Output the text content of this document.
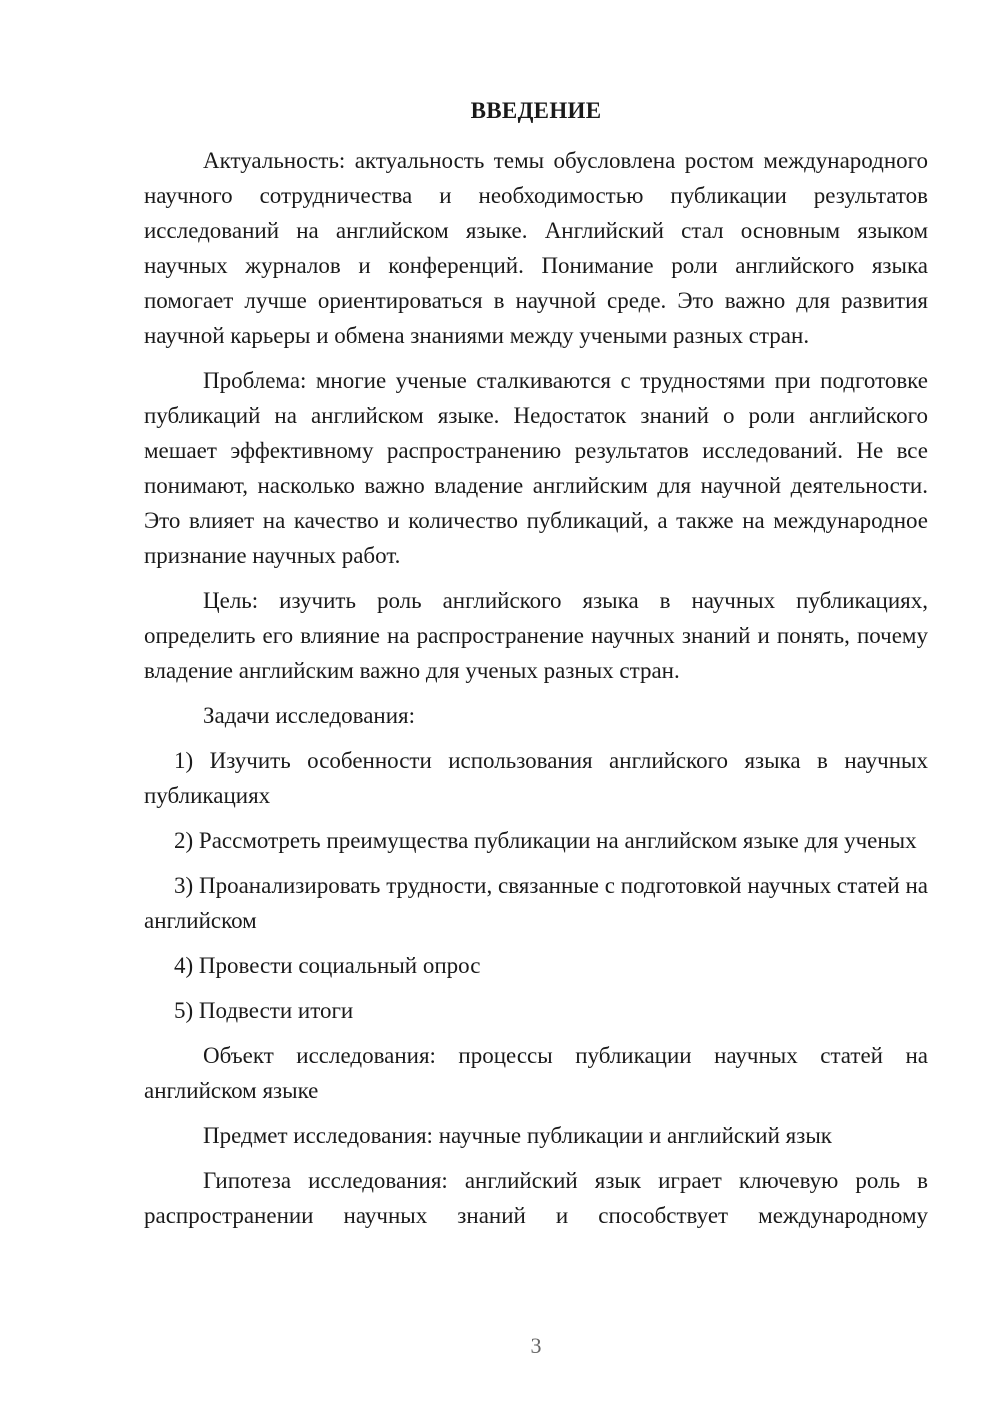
ВВЕДЕНИЕ

Актуальность: актуальность темы обусловлена ростом международного научного сотрудничества и необходимостью публикации результатов исследований на английском языке. Английский стал основным языком научных журналов и конференций. Понимание роли английского языка помогает лучше ориентироваться в научной среде. Это важно для развития научной карьеры и обмена знаниями между учеными разных стран.

Проблема: многие ученые сталкиваются с трудностями при подготовке публикаций на английском языке. Недостаток знаний о роли английского мешает эффективному распространению результатов исследований. Не все понимают, насколько важно владение английским для научной деятельности. Это влияет на качество и количество публикаций, а также на международное признание научных работ.

Цель: изучить роль английского языка в научных публикациях, определить его влияние на распространение научных знаний и понять, почему владение английским важно для ученых разных стран.

Задачи исследования:

1) Изучить особенности использования английского языка в научных публикациях

2) Рассмотреть преимущества публикации на английском языке для ученых

3) Проанализировать трудности, связанные с подготовкой научных статей на английском

4) Провести социальный опрос

5) Подвести итоги

Объект исследования: процессы публикации научных статей на английском языке

Предмет исследования: научные публикации и английский язык

Гипотеза исследования: английский язык играет ключевую роль в распространении научных знаний и способствует международному

3
